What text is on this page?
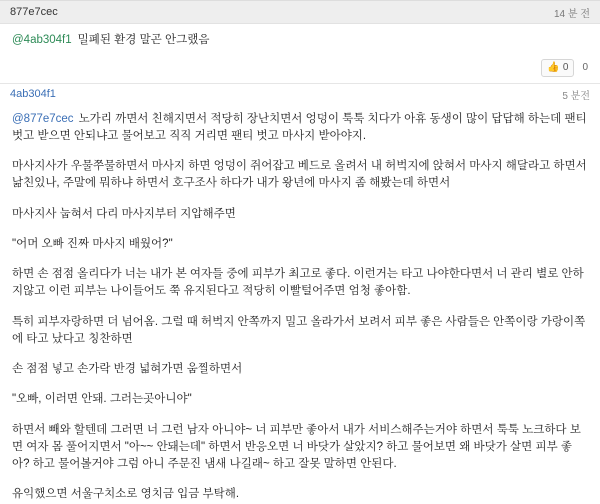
877e7cec	14 분 전
@4ab304f1 밀폐된 환경 말곤 안그랬음
👍 0 0
4ab304f1	5 분전

@877e7cec 노가리 까면서 친해지면서 적당히 장난치면서 엉덩이 툭툭 치다가 아휴 동생이 많이 답답해 하는데 팬티 벗고 받으면 안되냐고 물어보고 직직 거리면 팬티 벗고 마사지 받아야지.

마사지사가 우물쭈물하면서 마사지 하면 엉덩이 쥐어잡고 베드로 올려서 내 허벅지에 앉혀서 마사지 해달라고 하면서 낢친있나, 주말에 뭐하냐 하면서 호구조사 하다가 내가 왕년에 마사지 좀 해봤는데 하면서

마사지사 눕혀서 다리 마사지부터 지압해주면

"어머 오빠 진짜 마사지 배웠어?"

하면 손 점점 올리다가 너는 내가 본 여자들 중에 피부가 최고로 좋다. 이런거는 타고 나야한다면서 너 관리 별로 안하지않고 이런 피부는 나이들어도 쭉 유지된다고 적당히 이빨털어주면 엄청 좋아함.

특히 피부자랑하면 더 넘어옴. 그럴 때 허벅지 안쪽까지 밀고 올라가서 보려서 피부 좋은 사람들은 안쪽이랑 가랑이쪽에 타고 났다고 칭찬하면

손 점점 넣고 손가락 반경 넓혀가면 움찔하면서

"오빠, 이러면 안돼. 그러는곳아니야"

하면서 빼와 할텐데 그러면 너 그런 남자 아니야~ 너 피부만 좋아서 내가 서비스해주는거야 하면서 툭툭 노크하다 보면 여자 몸 풀어지면서 "아~~ 안돼는데" 하면서 반응오면 너 바닷가 살았지? 하고 물어보면 왜 바닷가 살면 피부 좋아? 하고 물어볼거야 그럼 아니 주문진 냄새 나길래~ 하고 잘못 말하면 안된다.

유익했으면 서울구치소로 영치금 입금 부탁해.
